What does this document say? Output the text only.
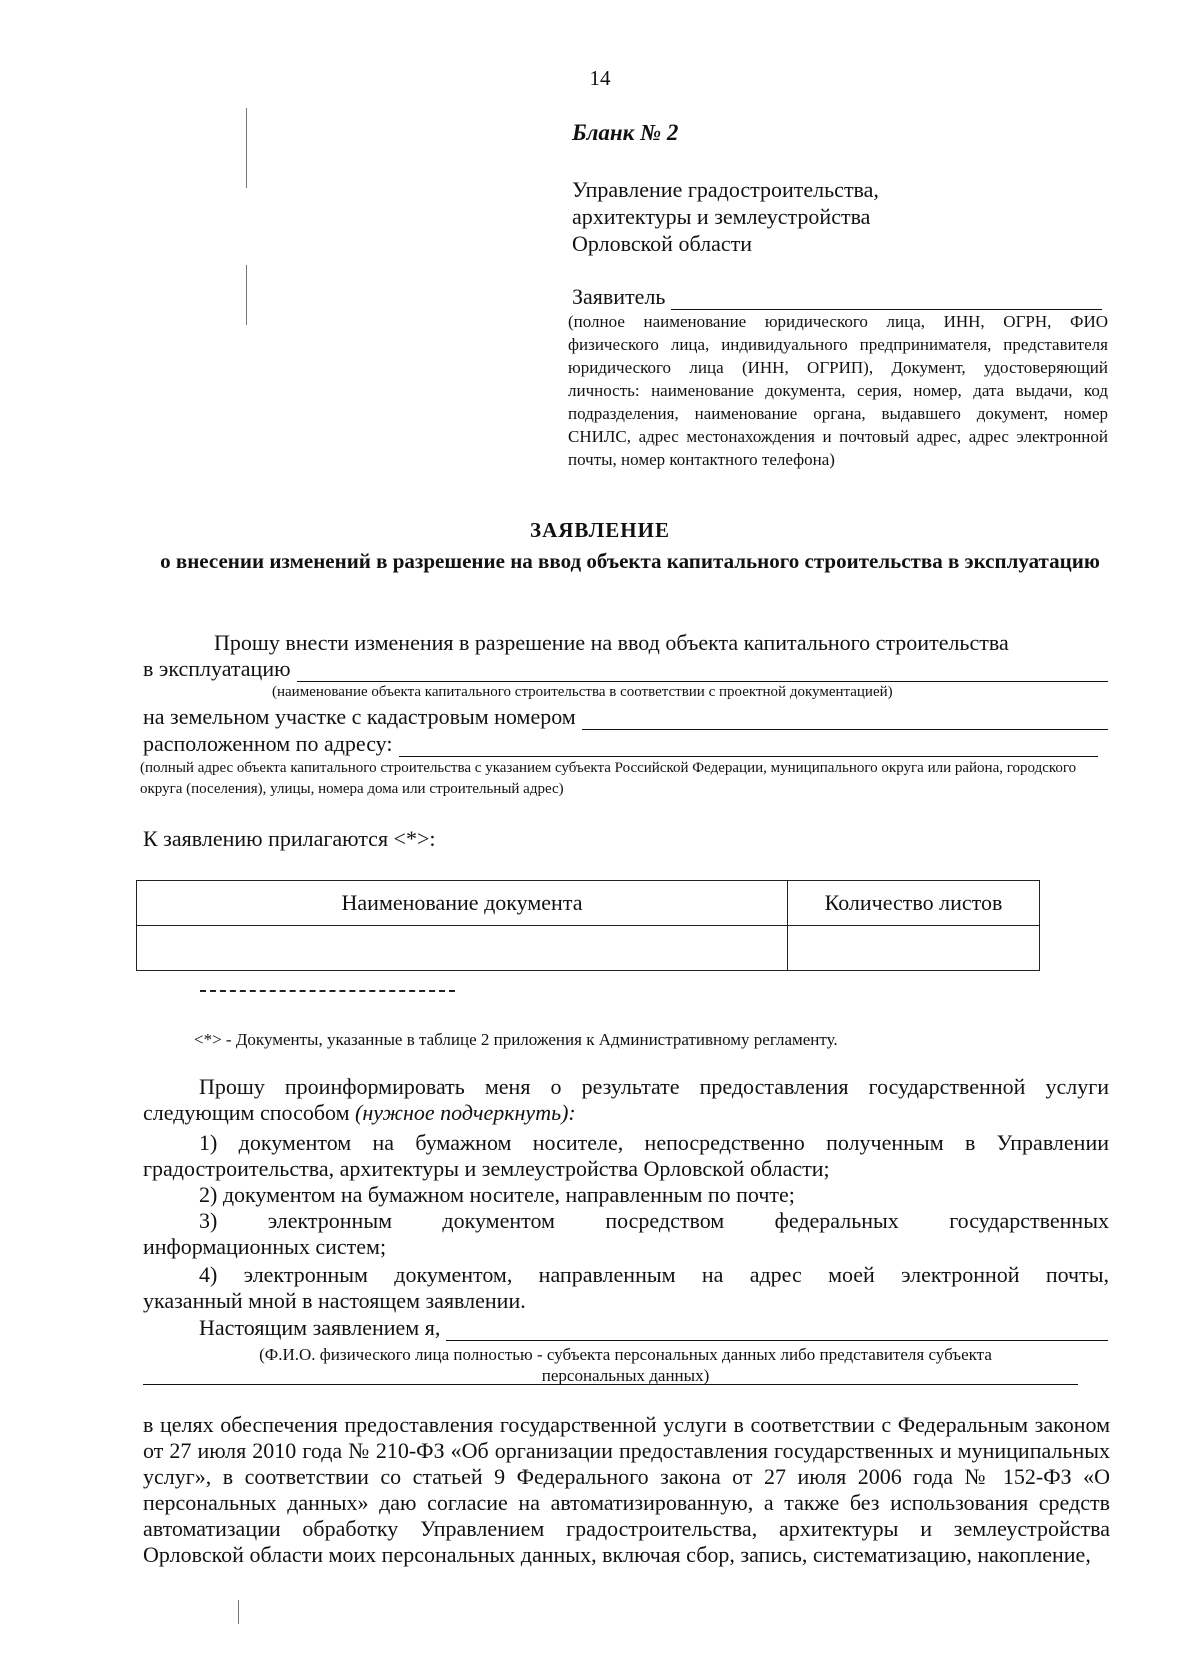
14
Бланк № 2
Управление градостроительства,
архитектуры и землеустройства
Орловской области
Заявитель
(полное наименование юридического лица, ИНН, ОГРН, ФИО физического лица, индивидуального предпринимателя, представителя юридического лица (ИНН, ОГРИП), Документ, удостоверяющий личность: наименование документа, серия, номер, дата выдачи, код подразделения, наименование органа, выдавшего документ, номер СНИЛС, адрес местонахождения и почтовый адрес, адрес электронной почты, номер контактного телефона)
ЗАЯВЛЕНИЕ
о внесении изменений в разрешение на ввод объекта капитального строительства в эксплуатацию
Прошу внести изменения в разрешение на ввод объекта капитального строительства
в эксплуатацию
(наименование объекта капитального строительства в соответствии с проектной документацией)
на земельном участке с кадастровым номером
расположенном по адресу:
(полный адрес объекта капитального строительства с указанием субъекта Российской Федерации, муниципального округа или района, городского округа (поселения), улицы, номера дома или строительный адрес)
К заявлению прилагаются <*>:
Наименование документа	Количество листов

<*> - Документы, указанные в таблице 2 приложения к Административному регламенту.
Прошу проинформировать меня о результате предоставления государственной услуги
следующим способом (нужное подчеркнуть):
1) документом на бумажном носителе, непосредственно полученным в Управлении
градостроительства, архитектуры и землеустройства Орловской области;
2) документом на бумажном носителе, направленным по почте;
3) электронным документом посредством федеральных государственных
информационных систем;
4) электронным документом, направленным на адрес моей электронной почты,
указанный мной в настоящем заявлении.
Настоящим заявлением я,
(Ф.И.О. физического лица полностью - субъекта персональных данных либо представителя субъекта
персональных данных)
в целях обеспечения предоставления государственной услуги в соответствии с Федеральным законом от 27 июля 2010 года № 210-ФЗ «Об организации предоставления государственных и муниципальных услуг», в соответствии со статьей 9 Федерального закона от 27 июля 2006 года № 152-ФЗ «О персональных данных» даю согласие на автоматизированную, а также без использования средств автоматизации обработку Управлением градостроительства, архитектуры и землеустройства Орловской области моих персональных данных, включая сбор, запись, систематизацию, накопление,
